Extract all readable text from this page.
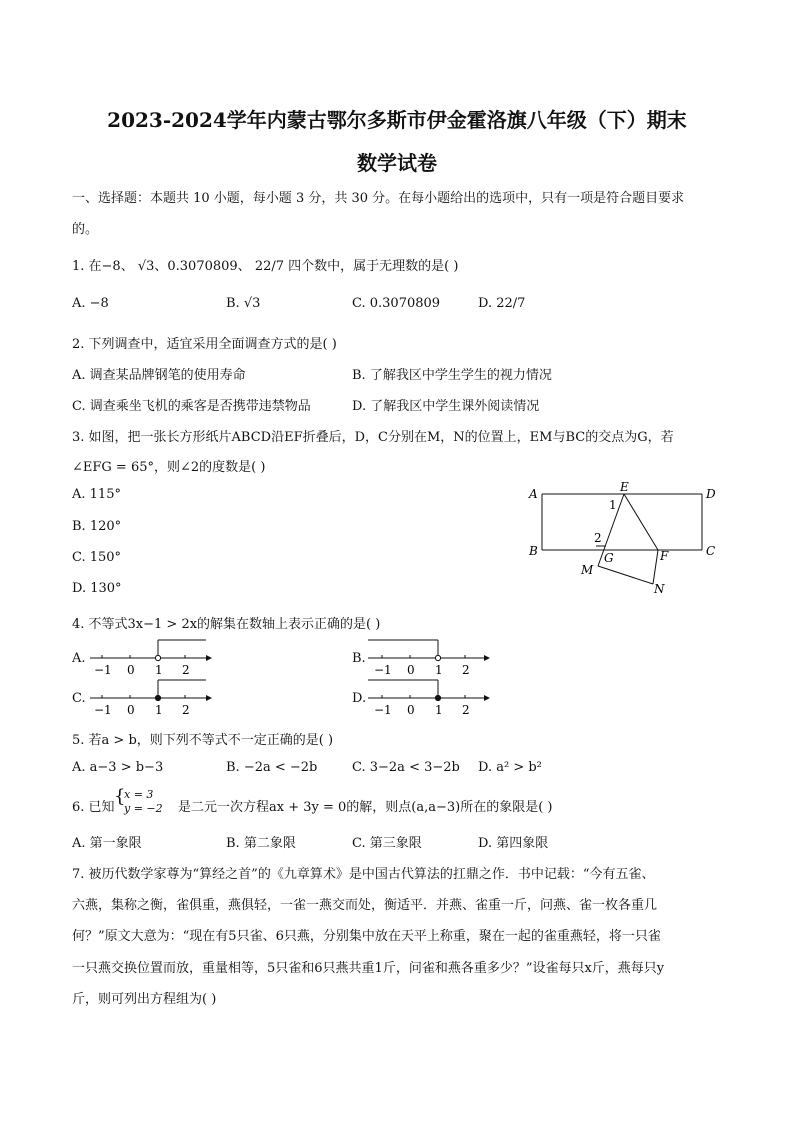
2023-2024学年内蒙古鄂尔多斯市伊金霍洛旗八年级（下）期末
数学试卷
一、选择题：本题共 10 小题，每小题 3 分，共 30 分。在每小题给出的选项中，只有一项是符合题目要求
的。
1. 在−8、 √3、0.3070809、 22/7 四个数中，属于无理数的是( )
A. −8	B. √3	C. 0.3070809	D. 22/7
2. 下列调查中，适宜采用全面调查方式的是( )
A. 调查某品牌钢笔的使用寿命	B. 了解我区中学生学生的视力情况
C. 调查乘坐飞机的乘客是否携带违禁物品	D. 了解我区中学生课外阅读情况
3. 如图，把一张长方形纸片ABCD沿EF折叠后，D，C分别在M，N的位置上，EM与BC的交点为G，若
∠EFG = 65°，则∠2的度数是( )
A. 115°
B. 120°
C. 150°
D. 130°
A
B	C
D
E
F
G
M
N
1
2
4. 不等式3x−1 > 2x的解集在数轴上表示正确的是( )
A.
−1 0 1 2
B.
−1 0 1 2
C.
−1 0 1 2
D.
−1 0 1 2
5. 若a > b，则下列不等式不一定正确的是( )
A. a−3 > b−3	B. −2a < −2b	C. 3−2a < 3−2b D. a² > b²
6. 已知
{
x = 3
y = −2 是二元一次方程ax + 3y = 0的解，则点(a,a−3)所在的象限是( )
A. 第一象限	B. 第二象限	C. 第三象限	D. 第四象限
7. 被历代数学家尊为“算经之首”的《九章算术》是中国古代算法的扛鼎之作．书中记载：“今有五雀、
六燕，集称之衡，雀俱重，燕俱轻，一雀一燕交而处，衡适平．并燕、雀重一斤，问燕、雀一枚各重几
何？”原文大意为：“现在有5只雀、6只燕，分别集中放在天平上称重，聚在一起的雀重燕轻，将一只雀
一只燕交换位置而放，重量相等，5只雀和6只燕共重1斤，问雀和燕各重多少？”设雀每只x斤，燕每只y
斤，则可列出方程组为( )
